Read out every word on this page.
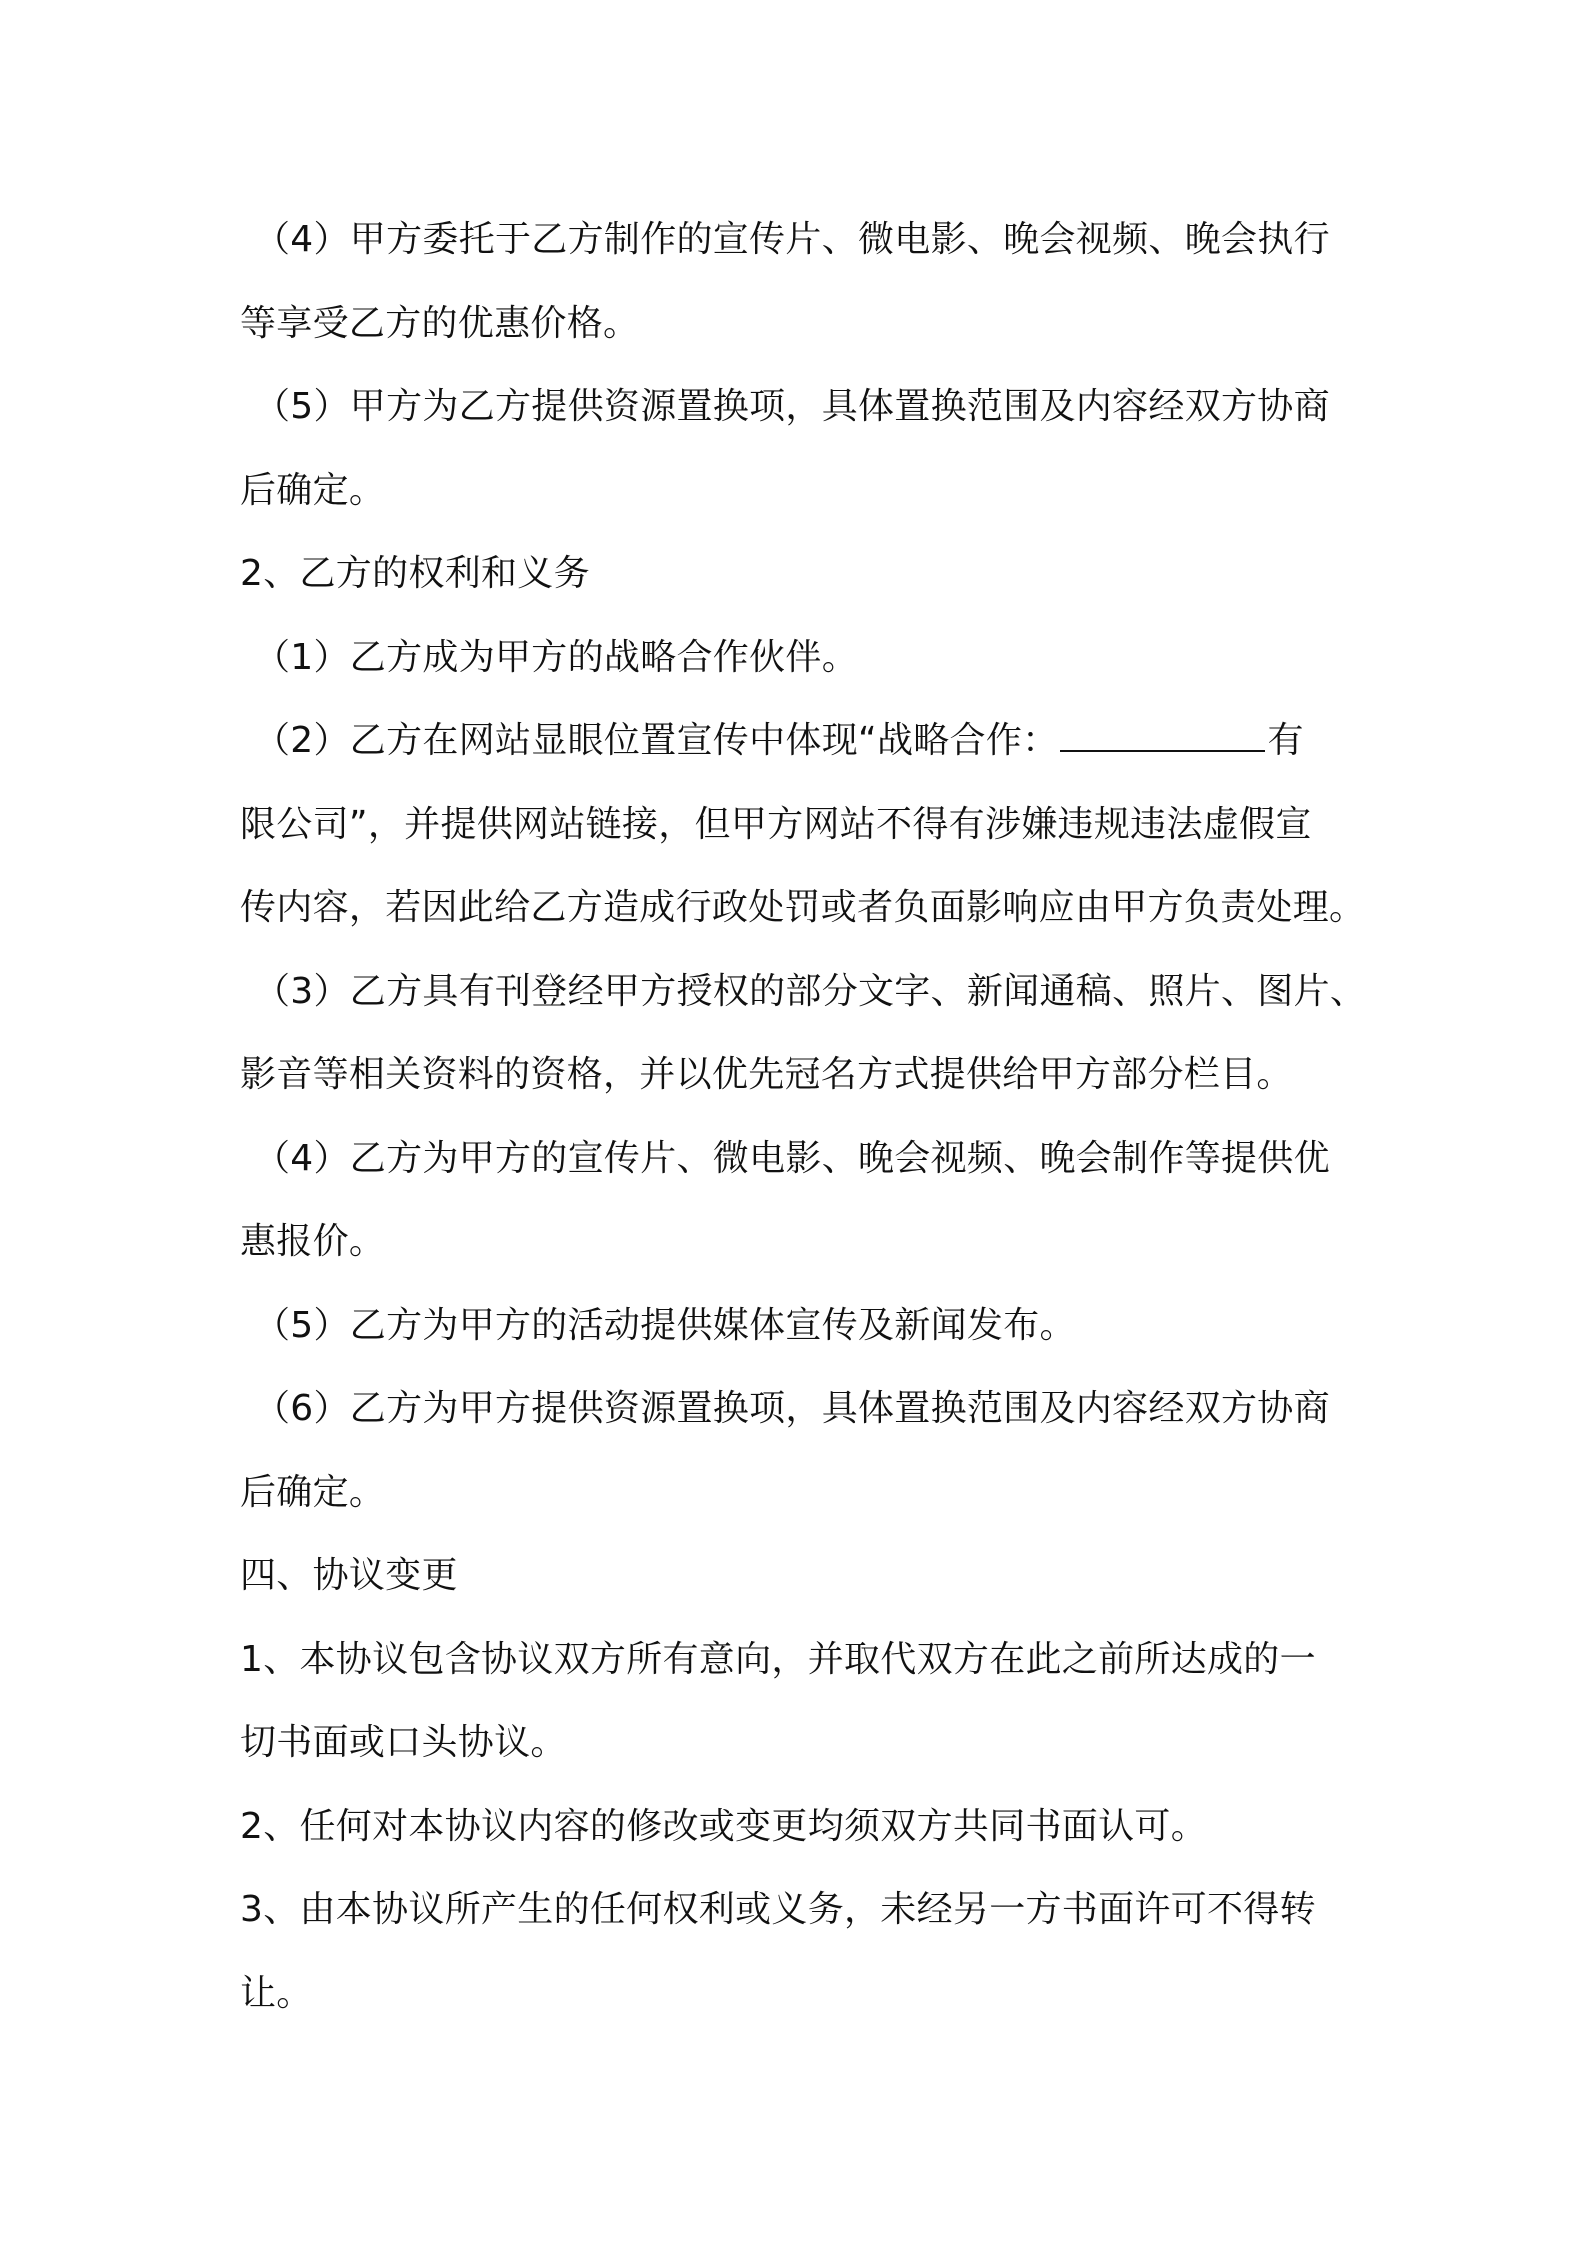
（4）甲方委托于乙方制作的宣传片、微电影、晚会视频、晚会执行
等享受乙方的优惠价格。
（5）甲方为乙方提供资源置换项，具体置换范围及内容经双方协商
后确定。
2、乙方的权利和义务
（1）乙方成为甲方的战略合作伙伴。
（2）乙方在网站显眼位置宣传中体现“战略合作：	有
限公司”，并提供网站链接，但甲方网站不得有涉嫌违规违法虚假宣
传内容，若因此给乙方造成行政处罚或者负面影响应由甲方负责处理。
（3）乙方具有刊登经甲方授权的部分文字、新闻通稿、照片、图片、
影音等相关资料的资格，并以优先冠名方式提供给甲方部分栏目。
（4）乙方为甲方的宣传片、微电影、晚会视频、晚会制作等提供优
惠报价。
（5）乙方为甲方的活动提供媒体宣传及新闻发布。
（6）乙方为甲方提供资源置换项，具体置换范围及内容经双方协商
后确定。
四、协议变更
1、本协议包含协议双方所有意向，并取代双方在此之前所达成的一
切书面或口头协议。
2、任何对本协议内容的修改或变更均须双方共同书面认可。
3、由本协议所产生的任何权利或义务，未经另一方书面许可不得转
让。
